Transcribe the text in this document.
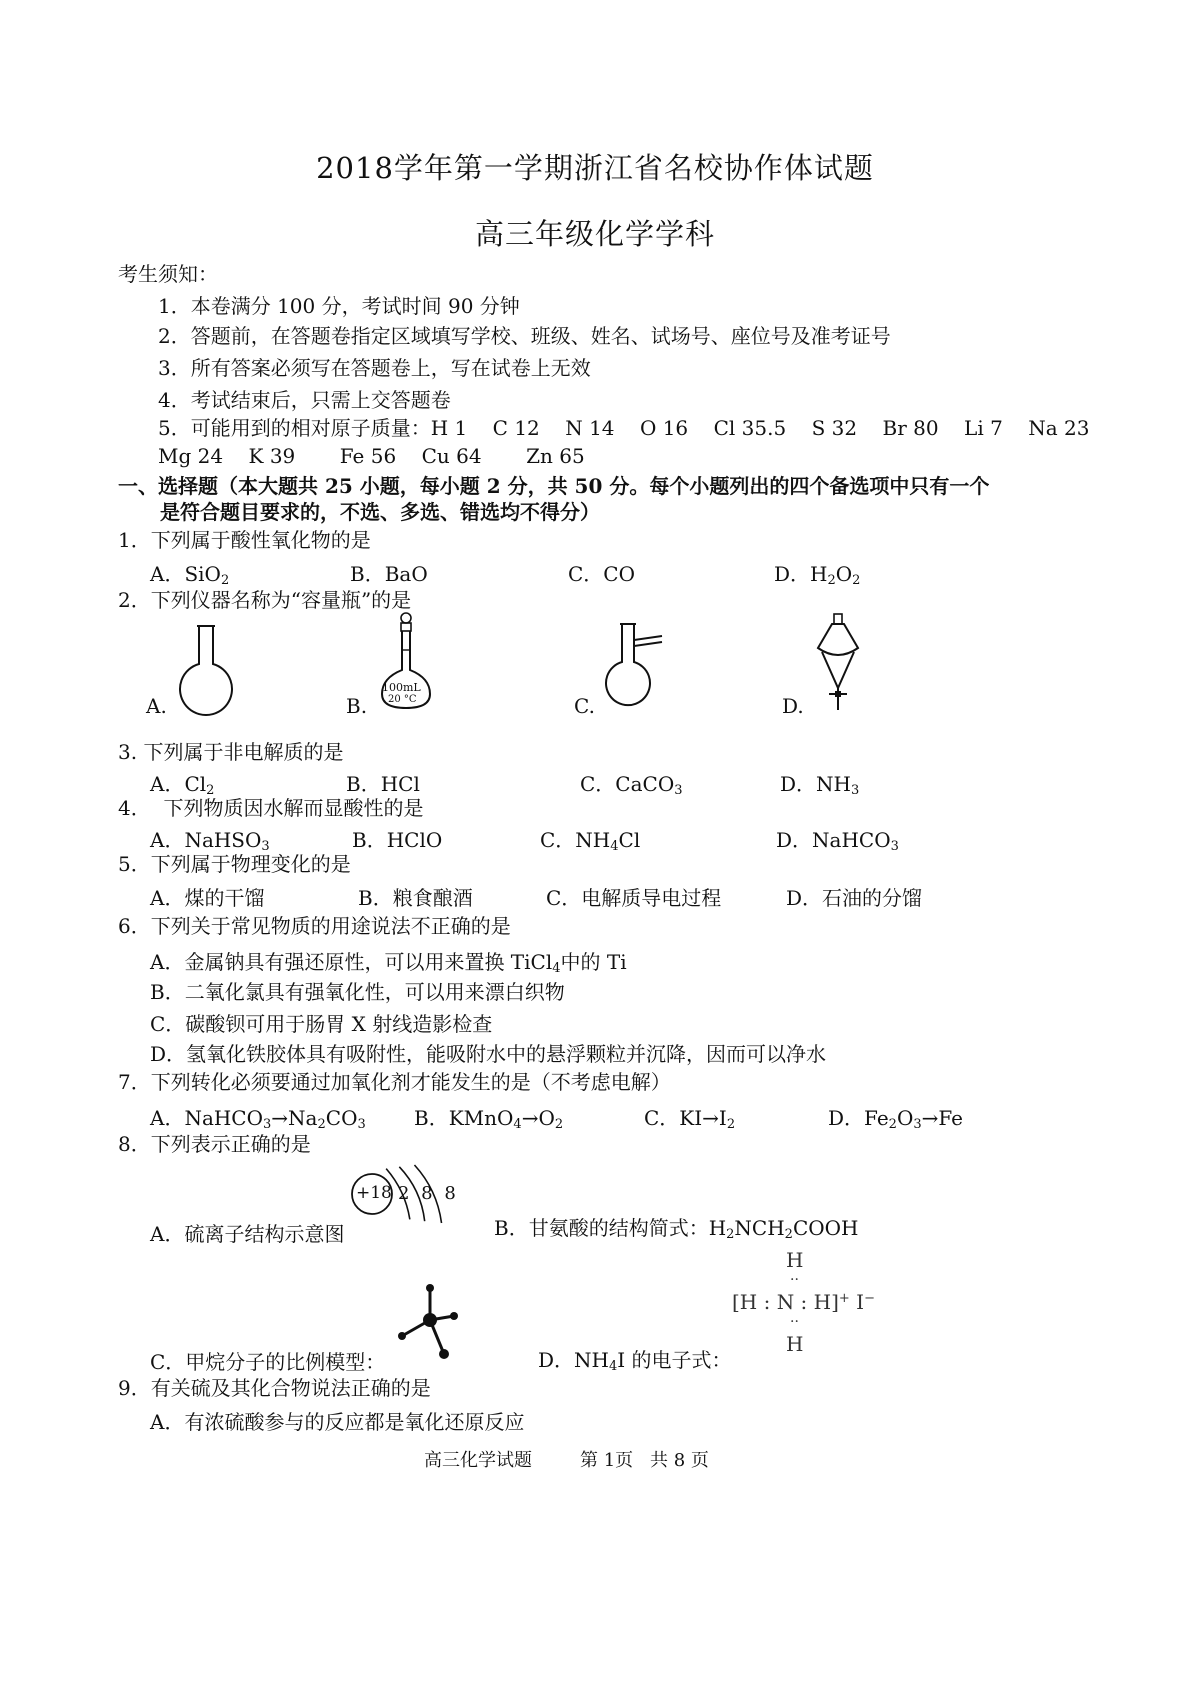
2018学年第一学期浙江省名校协作体试题
高三年级化学学科
考生须知：
1．本卷满分 100 分，考试时间 90 分钟
2．答题前，在答题卷指定区域填写学校、班级、姓名、试场号、座位号及准考证号
3．所有答案必须写在答题卷上，写在试卷上无效
4．考试结束后，只需上交答题卷
5．可能用到的相对原子质量：H 1    C 12    N 14    O 16    Cl 35.5    S 32    Br 80    Li 7    Na 23
Mg 24    K 39       Fe 56    Cu 64       Zn 65
一、选择题（本大题共 25 小题，每小题 2 分，共 50 分。每个小题列出的四个备选项中只有一个
是符合题目要求的，不选、多选、错选均不得分）
1．下列属于酸性氧化物的是
A．SiO$_2$	B．BaO	C．CO	D．$H_2O_2$
2．下列仪器名称为“容量瓶”的是
A.	B.	C.	D.
100mL
20 °C
3. 下列属于非电解质的是
A．$Cl_2$	B．HCl	C．CaCO$_3$	D．$NH_3$
4．  下列物质因水解而显酸性的是
A．NaHSO$_3$	B．HClO	C．$NH_4Cl$	D．NaHCO$_3$
5．下列属于物理变化的是
A．煤的干馏	B．粮食酿酒	C．电解质导电过程	D．石油的分馏
6．下列关于常见物质的用途说法不正确的是
A．金属钠具有强还原性，可以用来置换 TiCl$_4$中的 Ti
B．二氧化氯具有强氧化性，可以用来漂白织物
C．碳酸钡可用于肠胃 X 射线造影检查
D．氢氧化铁胶体具有吸附性，能吸附水中的悬浮颗粒并沉降，因而可以净水
7．下列转化必须要通过加氧化剂才能发生的是（不考虑电解）
A．$NaHCO_3\to Na_2CO_3$ B．$KMnO_4\to O_2$	C．$KI\to I_2$	D．$Fe_2O_3\to Fe$
8．下列表示正确的是
A．硫离子结构示意图
+18 2 8 8
B．甘氨酸的结构简式：$H_2NCH_2COOH$
C．甲烷分子的比例模型：	D．$NH_4I$ 的电子式：
H
··
[H : N : H]+ I−
··
H
9．有关硫及其化合物说法正确的是
A．有浓硫酸参与的反应都是氧化还原反应
高三化学试题	第 1页 共 8 页
